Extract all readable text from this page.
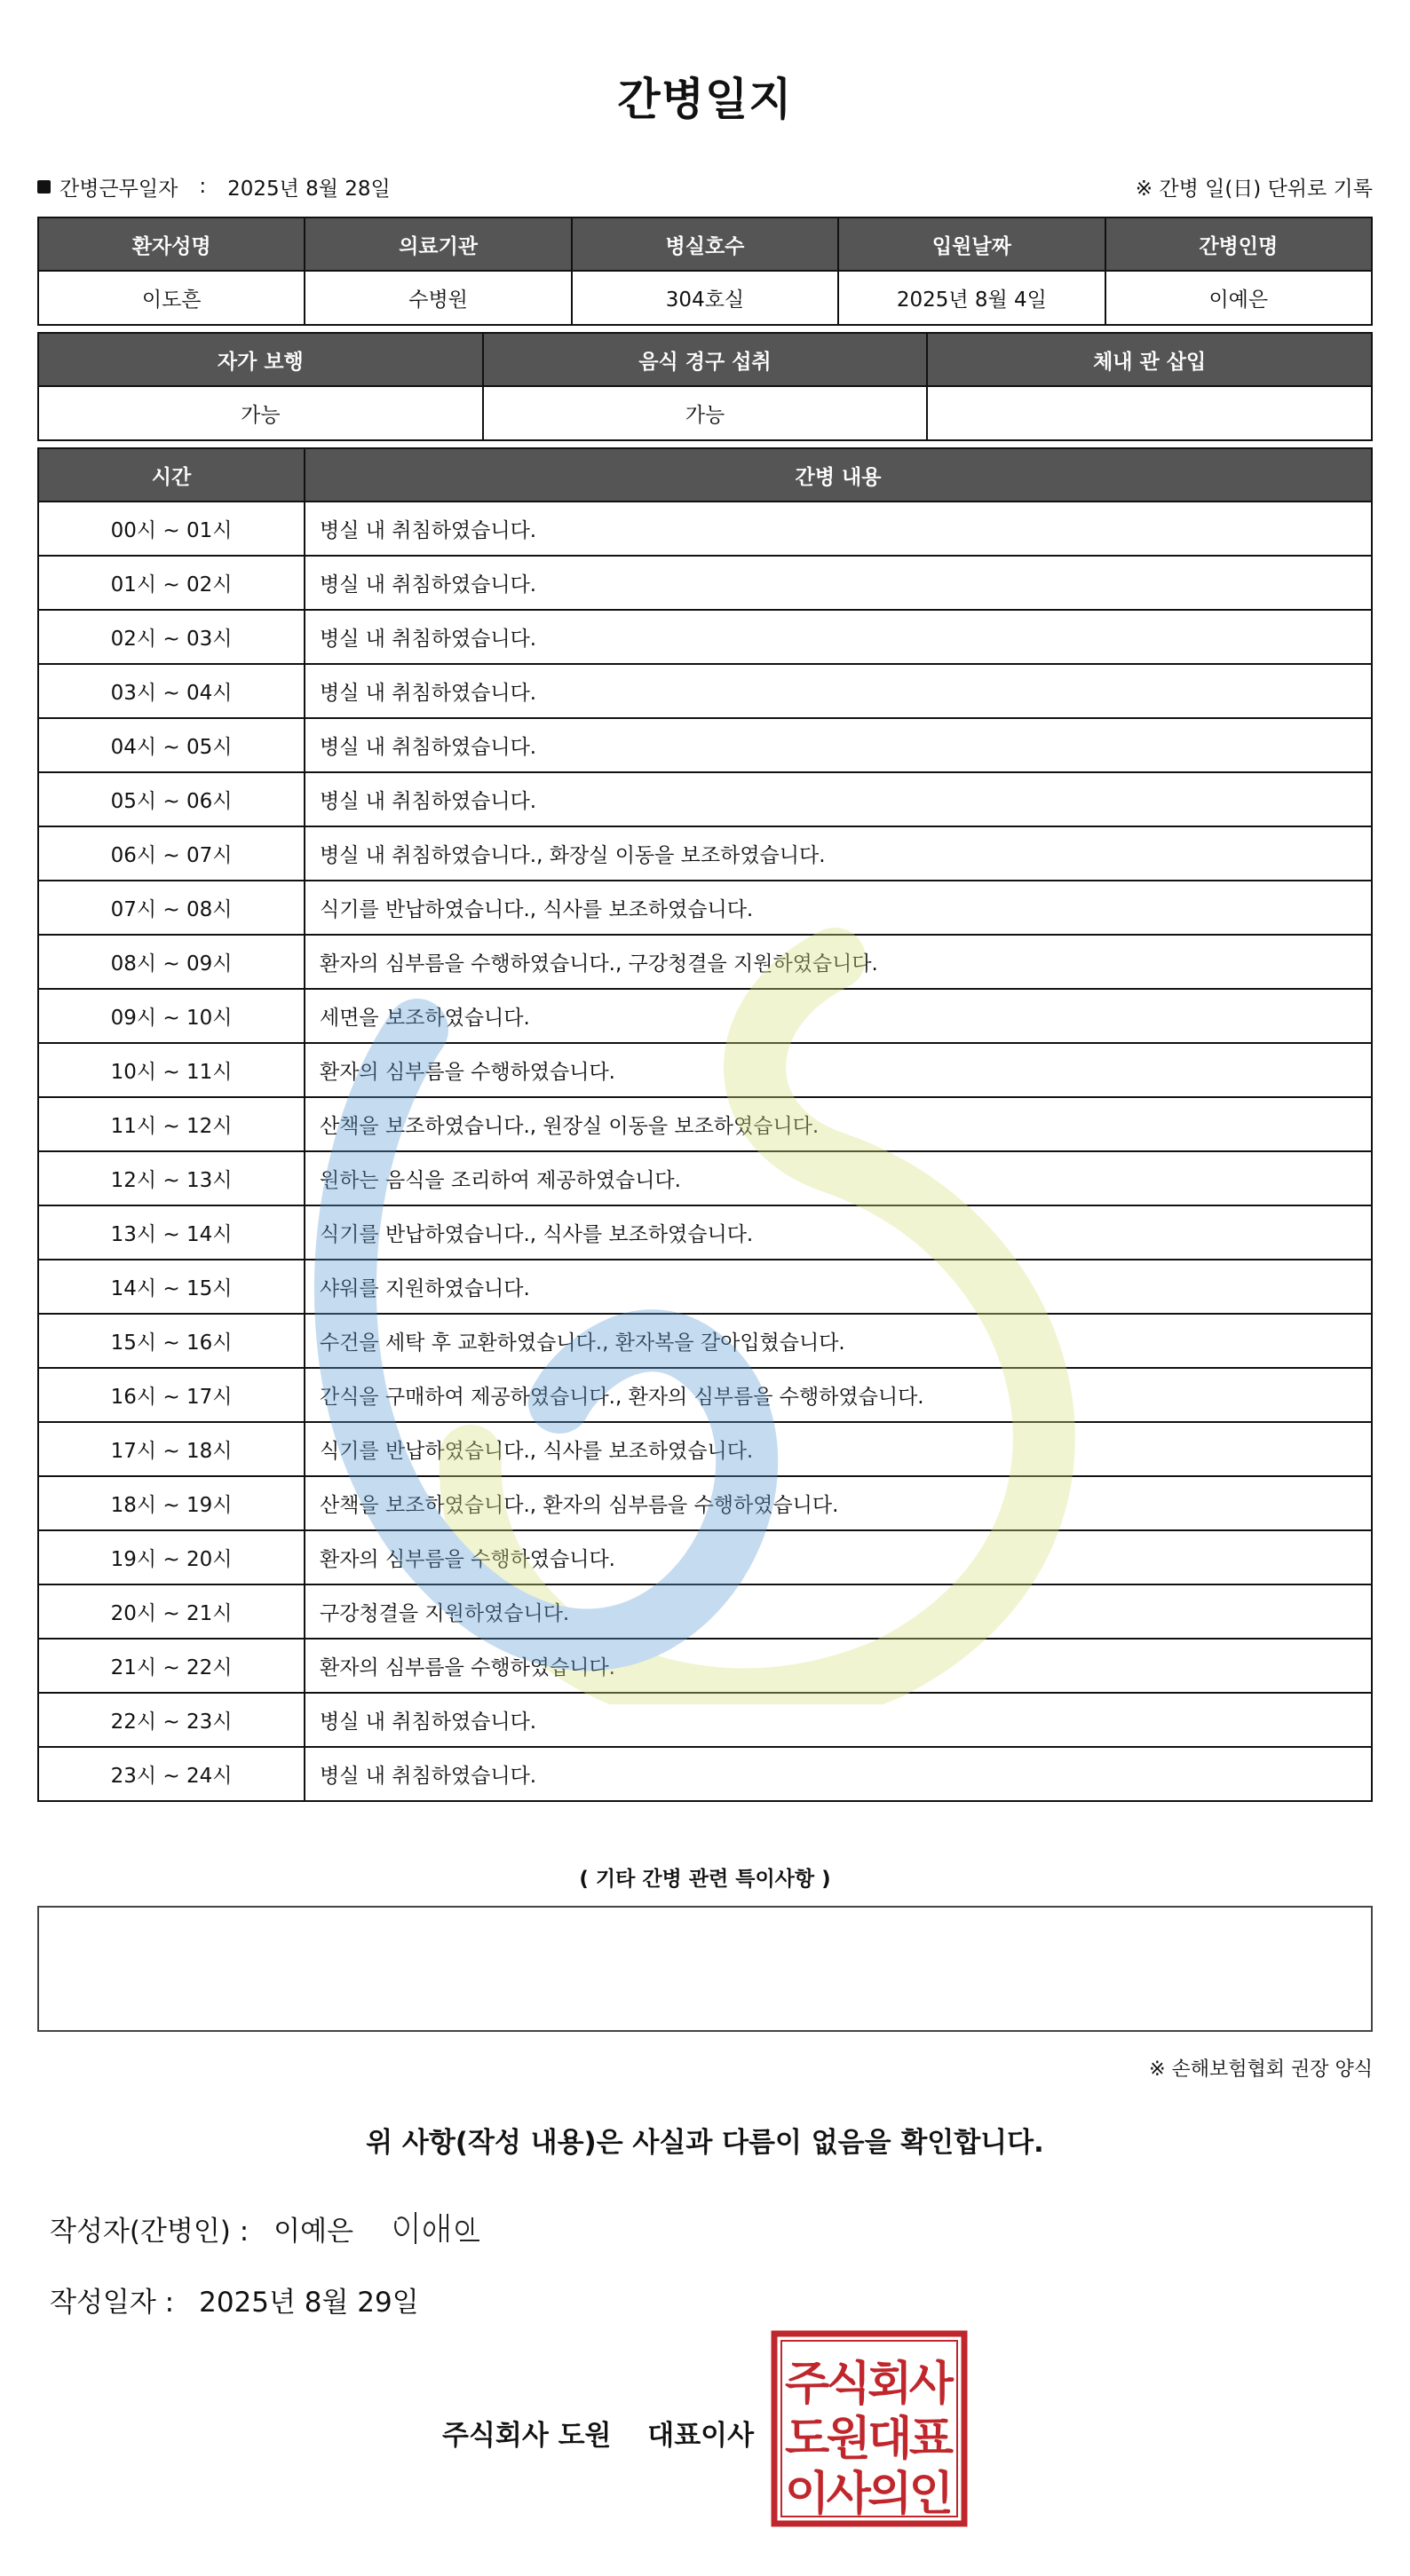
간병일지
간병근무일자 : 2025년 8월 28일	※ 간병 일(日) 단위로 기록
환자성명	의료기관	병실호수	입원날짜	간병인명
이도흔	수병원	304호실	2025년 8월 4일	이예은
자가 보행	음식 경구 섭취	체내 관 삽입
가능	가능	
시간	간병 내용
00시 ~ 01시	병실 내 취침하였습니다.
01시 ~ 02시	병실 내 취침하였습니다.
02시 ~ 03시	병실 내 취침하였습니다.
03시 ~ 04시	병실 내 취침하였습니다.
04시 ~ 05시	병실 내 취침하였습니다.
05시 ~ 06시	병실 내 취침하였습니다.
06시 ~ 07시	병실 내 취침하였습니다., 화장실 이동을 보조하였습니다.
07시 ~ 08시	식기를 반납하였습니다., 식사를 보조하였습니다.
08시 ~ 09시	환자의 심부름을 수행하였습니다., 구강청결을 지원하였습니다.
09시 ~ 10시	세면을 보조하였습니다.
10시 ~ 11시	환자의 심부름을 수행하였습니다.
11시 ~ 12시	산책을 보조하였습니다., 원장실 이동을 보조하였습니다.
12시 ~ 13시	원하는 음식을 조리하여 제공하였습니다.
13시 ~ 14시	식기를 반납하였습니다., 식사를 보조하였습니다.
14시 ~ 15시	샤워를 지원하였습니다.
15시 ~ 16시	수건을 세탁 후 교환하였습니다., 환자복을 갈아입혔습니다.
16시 ~ 17시	간식을 구매하여 제공하였습니다., 환자의 심부름을 수행하였습니다.
17시 ~ 18시	식기를 반납하였습니다., 식사를 보조하였습니다.
18시 ~ 19시	산책을 보조하였습니다., 환자의 심부름을 수행하였습니다.
19시 ~ 20시	환자의 심부름을 수행하였습니다.
20시 ~ 21시	구강청결을 지원하였습니다.
21시 ~ 22시	환자의 심부름을 수행하였습니다.
22시 ~ 23시	병실 내 취침하였습니다.
23시 ~ 24시	병실 내 취침하였습니다.
( 기타 간병 관련 특이사항 )
※ 손해보험협회 권장 양식
위 사항(작성 내용)은 사실과 다름이 없음을 확인합니다.
작성자(간병인) : 이예은
작성일자 : 2025년 8월 29일
주식회사 도원 대표이사
주식회사
도원대표
이사의인
